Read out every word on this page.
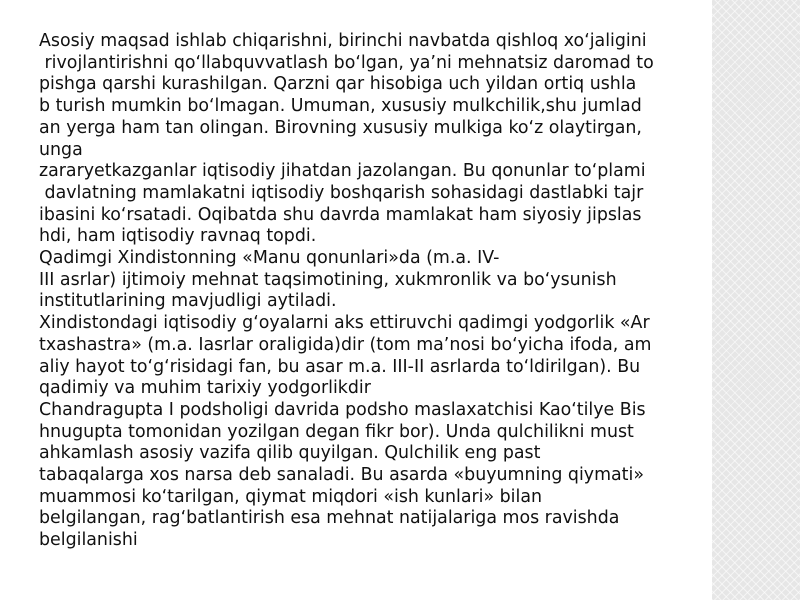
Asosiy maqsad ishlab chiqarishni, birinchi navbatda qishloq xo‘jaligini
rivojlantirishni qo‘llabquvvatlash bo‘lgan, ya’ni mehnatsiz daromad to
pishga qarshi kurashilgan. Qarzni qar hisobiga uch yildan ortiq ushla
b turish mumkin bo‘lmagan. Umuman, xususiy mulkchilik,shu jumlad
an yerga ham tan olingan. Birovning xususiy mulkiga ko‘z olaytirgan,
unga
zararyetkazganlar iqtisodiy jihatdan jazolangan. Bu qonunlar to‘plami
davlatning mamlakatni iqtisodiy boshqarish sohasidagi dastlabki tajr
ibasini ko‘rsatadi. Oqibatda shu davrda mamlakat ham siyosiy jipslas
hdi, ham iqtisodiy ravnaq topdi.
Qadimgi Xindistonning «Manu qonunlari»da (m.a. IV-
III asrlar) ijtimoiy mehnat taqsimotining, xukmronlik va bo‘ysunish
institutlarining mavjudligi aytiladi.
Xindistondagi iqtisodiy g‘oyalarni aks ettiruvchi qadimgi yodgorlik «Ar
txashastra» (m.a. Iasrlar oraligida)dir (tom ma’nosi bo‘yicha ifoda, am
aliy hayot to‘g‘risidagi fan, bu asar m.a. III-II asrlarda to‘ldirilgan). Bu
qadimiy va muhim tarixiy yodgorlikdir
Chandragupta I podsholigi davrida podsho maslaxatchisi Kao‘tilye Bis
hnugupta tomonidan yozilgan degan fikr bor). Unda qulchilikni must
ahkamlash asosiy vazifa qilib quyilgan. Qulchilik eng past
tabaqalarga xos narsa deb sanaladi. Bu asarda «buyumning qiymati»
muammosi ko‘tarilgan, qiymat miqdori «ish kunlari» bilan
belgilangan, rag‘batlantirish esa mehnat natijalariga mos ravishda
belgilanishi
